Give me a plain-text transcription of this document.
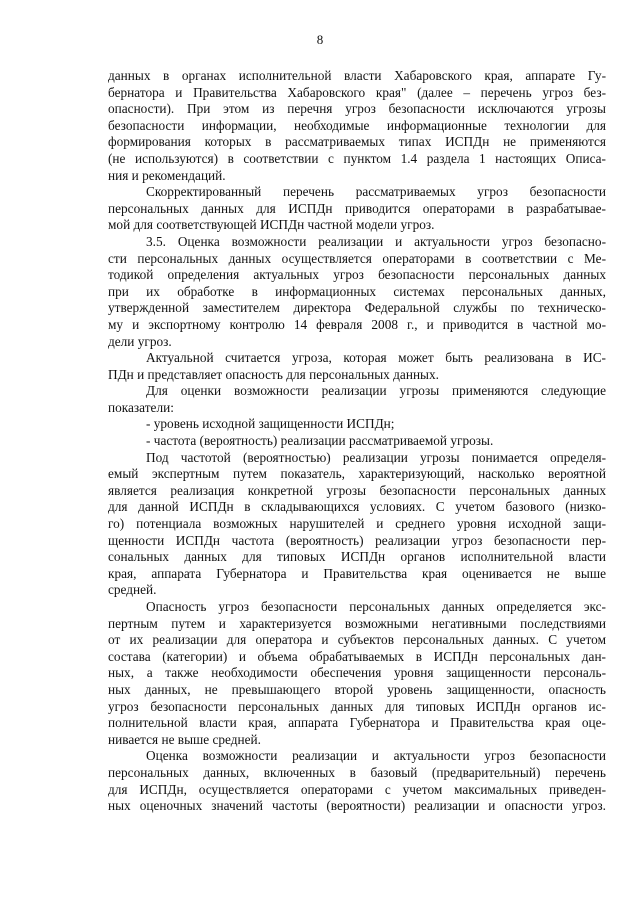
8
данных в органах исполнительной власти Хабаровского края, аппарате Гу-
бернатора и Правительства Хабаровского края" (далее – перечень угроз без-
опасности). При этом из перечня угроз безопасности исключаются угрозы
безопасности информации, необходимые информационные технологии для
формирования которых в рассматриваемых типах ИСПДн не применяются
(не используются) в соответствии с пунктом 1.4 раздела 1 настоящих Описа-
ния и рекомендаций.
Скорректированный перечень рассматриваемых угроз безопасности
персональных данных для ИСПДн приводится операторами в разрабатывае-
мой для соответствующей ИСПДн частной модели угроз.
3.5. Оценка возможности реализации и актуальности угроз безопасно-
сти персональных данных осуществляется операторами в соответствии с Ме-
тодикой определения актуальных угроз безопасности персональных данных
при их обработке в информационных системах персональных данных,
утвержденной заместителем директора Федеральной службы по техническо-
му и экспортному контролю 14 февраля 2008 г., и приводится в частной мо-
дели угроз.
Актуальной считается угроза, которая может быть реализована в ИС-
ПДн и представляет опасность для персональных данных.
Для оценки возможности реализации угрозы применяются следующие
показатели:
- уровень исходной защищенности ИСПДн;
- частота (вероятность) реализации рассматриваемой угрозы.
Под частотой (вероятностью) реализации угрозы понимается определя-
емый экспертным путем показатель, характеризующий, насколько вероятной
является реализация конкретной угрозы безопасности персональных данных
для данной ИСПДн в складывающихся условиях. С учетом базового (низко-
го) потенциала возможных нарушителей и среднего уровня исходной защи-
щенности ИСПДн частота (вероятность) реализации угроз безопасности пер-
сональных данных для типовых ИСПДн органов исполнительной власти
края, аппарата Губернатора и Правительства края оценивается не выше
средней.
Опасность угроз безопасности персональных данных определяется экс-
пертным путем и характеризуется возможными негативными последствиями
от их реализации для оператора и субъектов персональных данных. С учетом
состава (категории) и объема обрабатываемых в ИСПДн персональных дан-
ных, а также необходимости обеспечения уровня защищенности персональ-
ных данных, не превышающего второй уровень защищенности, опасность
угроз безопасности персональных данных для типовых ИСПДн органов ис-
полнительной власти края, аппарата Губернатора и Правительства края оце-
нивается не выше средней.
Оценка возможности реализации и актуальности угроз безопасности
персональных данных, включенных в базовый (предварительный) перечень
для ИСПДн, осуществляется операторами с учетом максимальных приведен-
ных оценочных значений частоты (вероятности) реализации и опасности угроз.
